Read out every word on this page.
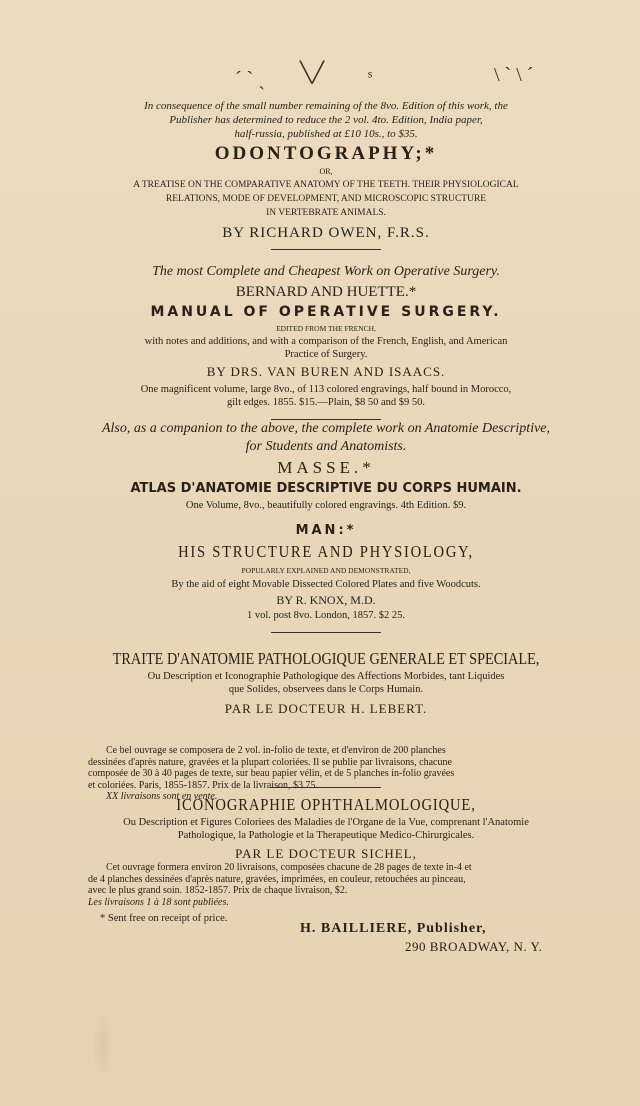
ˊ ˋ ˎ ╲╱ ˢ	\ ˋ \ ˊ

In consequence of the small number remaining of the 8vo. Edition of this work, the

Publisher has determined to reduce the 2 vol. 4to. Edition, India paper,

half-russia, published at £10 10s., to $35.

ODONTOGRAPHY;*

OR,

A TREATISE ON THE COMPARATIVE ANATOMY OF THE TEETH. THEIR PHYSIOLOGICAL

RELATIONS, MODE OF DEVELOPMENT, AND MICROSCOPIC STRUCTURE

IN VERTEBRATE ANIMALS.

BY RICHARD OWEN, F.R.S.

The most Complete and Cheapest Work on Operative Surgery.

BERNARD AND HUETTE.*

MANUAL OF OPERATIVE SURGERY.

EDITED FROM THE FRENCH,

with notes and additions, and with a comparison of the French, English, and American

Practice of Surgery.

BY DRS. VAN BUREN AND ISAACS.

One magnificent volume, large 8vo., of 113 colored engravings, half bound in Morocco,

gilt edges. 1855. $15.—Plain, $8 50 and $9 50.

Also, as a companion to the above, the complete work on Anatomie Descriptive,

for Students and Anatomists.

MASSE.*

ATLAS D'ANATOMIE DESCRIPTIVE DU CORPS HUMAIN.

One Volume, 8vo., beautifully colored engravings. 4th Edition. $9.

MAN:*

HIS STRUCTURE AND PHYSIOLOGY,

POPULARLY EXPLAINED AND DEMONSTRATED,

By the aid of eight Movable Dissected Colored Plates and five Woodcuts.

BY R. KNOX, M.D.

1 vol. post 8vo. London, 1857. $2 25.

TRAITE D'ANATOMIE PATHOLOGIQUE GENERALE ET SPECIALE,

Ou Description et Iconographie Pathologique des Affections Morbides, tant Liquides

que Solides, observees dans le Corps Humain.

PAR LE DOCTEUR H. LEBERT.

Ce bel ouvrage se composera de 2 vol. in-folio de texte, et d'environ de 200 planches

dessinées d'après nature, gravées et la plupart coloriées. Il se publie par livraisons, chacune

composée de 30 à 40 pages de texte, sur beau papier vélin, et de 5 planches in-folio gravées

et coloriées. Paris, 1855-1857. Prix de la livraison, $3 75.

XX livraisons sont en vente.

ICONOGRAPHIE OPHTHALMOLOGIQUE,

Ou Description et Figures Coloriees des Maladies de l'Organe de la Vue, comprenant l'Anatomie

Pathologique, la Pathologie et la Therapeutique Medico-Chirurgicales.

PAR LE DOCTEUR SICHEL,

Cet ouvrage formera environ 20 livraisons, composées chacune de 28 pages de texte in-4 et

de 4 planches dessinées d'après nature, gravées, imprimées, en couleur, retouchées au pinceau,

avec le plus grand soin. 1852-1857. Prix de chaque livraison, $2.

Les livraisons 1 à 18 sont publiées.

* Sent free on receipt of price.
H. BAILLIERE, Publisher,
290 BROADWAY, N. Y.
